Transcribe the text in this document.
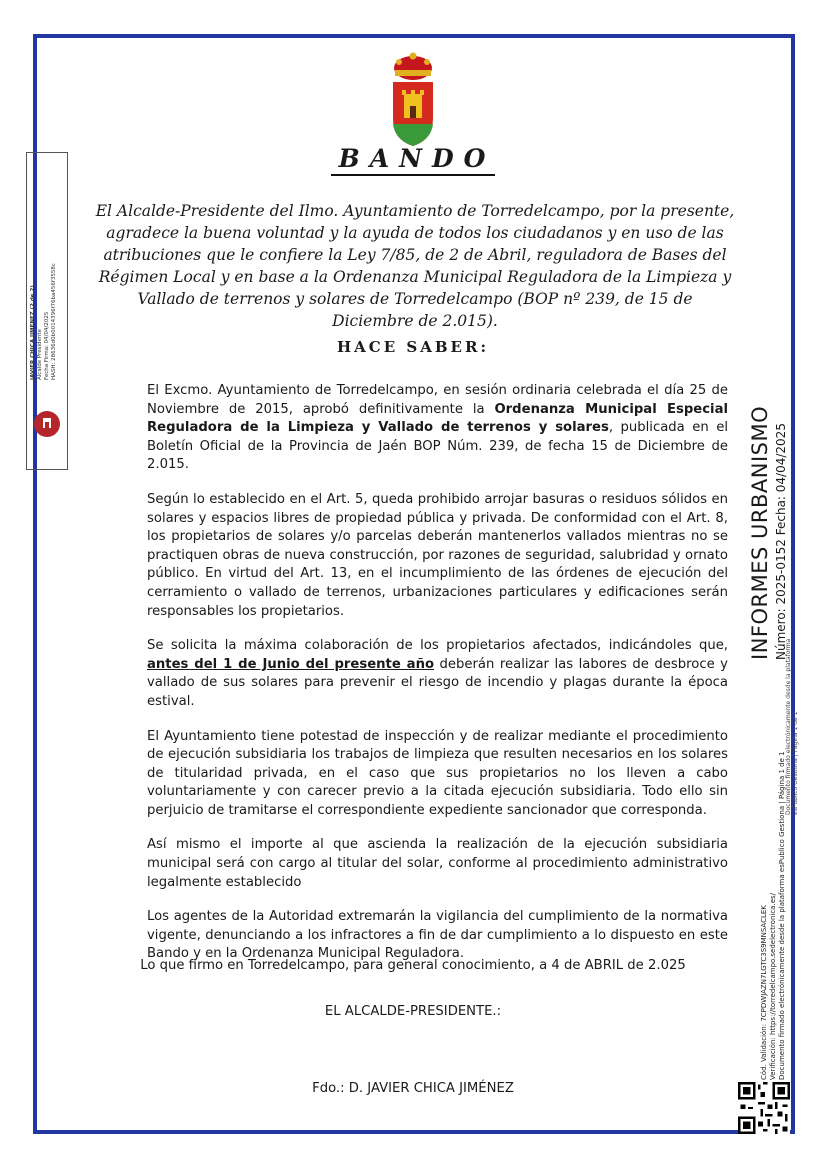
BANDO
El Alcalde-Presidente del Ilmo. Ayuntamiento de Torredelcampo, por la presente, agradece la buena voluntad y la ayuda de todos los ciudadanos y en uso de las atribuciones que le confiere la Ley 7/85, de 2 de Abril, reguladora de Bases del Régimen Local y en base a la Ordenanza Municipal Reguladora de la Limpieza y Vallado de terrenos y solares de Torredelcampo (BOP nº 239, de 15 de Diciembre de 2.015).
HACE SABER:

El Excmo. Ayuntamiento de Torredelcampo, en sesión ordinaria celebrada el día 25 de Noviembre de 2015, aprobó definitivamente la Ordenanza Municipal Especial Reguladora de la Limpieza y Vallado de terrenos y solares, publicada en el Boletín Oficial de la Provincia de Jaén BOP Núm. 239, de fecha 15 de Diciembre de 2.015.

Según lo establecido en el Art. 5, queda prohibido arrojar basuras o residuos sólidos en solares y espacios libres de propiedad pública y privada. De conformidad con el Art. 8, los propietarios de solares y/o parcelas deberán mantenerlos vallados mientras no se practiquen obras de nueva construcción, por razones de seguridad, salubridad y ornato público. En virtud del Art. 13, en el incumplimiento de las órdenes de ejecución del cerramiento o vallado de terrenos, urbanizaciones particulares y edificaciones serán responsables los propietarios.

Se solicita la máxima colaboración de los propietarios afectados, indicándoles que, antes del 1 de Junio del presente año deberán realizar las labores de desbroce y vallado de sus solares para prevenir el riesgo de incendio y plagas durante la época estival.

El Ayuntamiento tiene potestad de inspección y de realizar mediante el procedimiento de ejecución subsidiaria los trabajos de limpieza que resulten necesarios en los solares de titularidad privada, en el caso que sus propietarios no los lleven a cabo voluntariamente y con carecer previo a la citada ejecución subsidiaria. Todo ello sin perjuicio de tramitarse el correspondiente expediente sancionador que corresponda.

Así mismo el importe al que ascienda la realización de la ejecución subsidiaria municipal será con cargo al titular del solar, conforme al procedimiento administrativo legalmente establecido

Los agentes de la Autoridad extremarán la vigilancia del cumplimiento de la normativa vigente, denunciando a los infractores a fin de dar cumplimiento a lo dispuesto en este Bando y en la Ordenanza Municipal Reguladora.

Lo que firmo en Torredelcampo, para general conocimiento, a 4 de ABRIL de 2.025
EL ALCALDE-PRESIDENTE.:
Fdo.: D. JAVIER CHICA JIMÉNEZ
JAVIER CHICA JIMENEZ (2 de 2) Alcalde Presidente Fecha Firma: 04/04/2025 HASH: 28636d0b0014396f76ba456f3558c
INFORMES URBANISMO Número: 2025-0152 Fecha: 04/04/2025
Documento firmado electrónicamente desde la plataforma esPublico Gestiona | Página 1 de 1
Cód. Validación: 7CPDWJAZN7LGTC3S9MNSACLEK Verificación: https://torredelcampo.sedelectronica.es/ Documento firmado electrónicamente desde la plataforma esPublico Gestiona | Página 1 de 1
